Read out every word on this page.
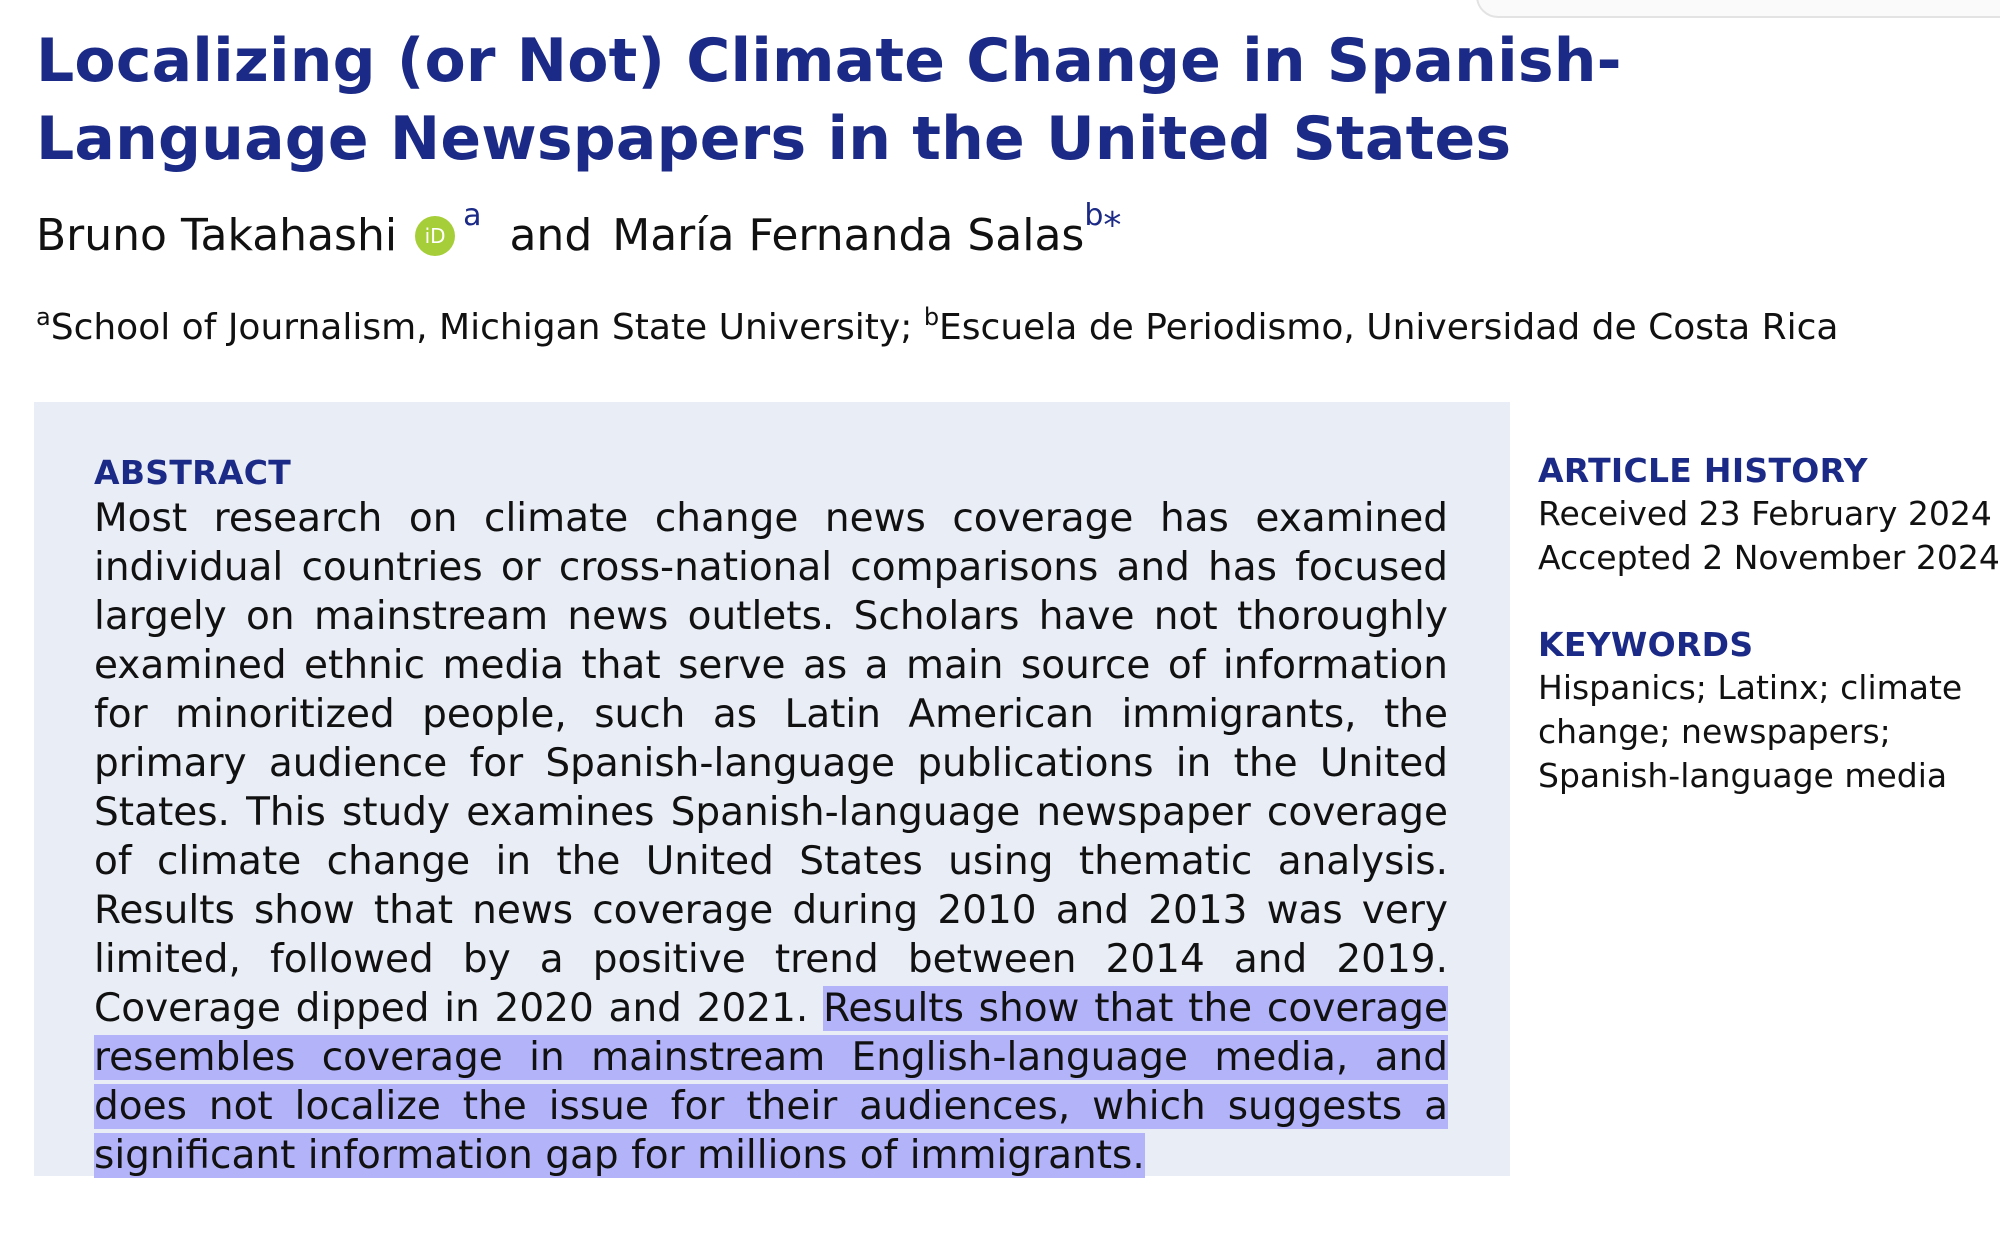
Localizing (or Not) Climate Change in Spanish-Language Newspapers in the United States
Bruno Takahashi	iD
a and María Fernanda Salas b *
$^a$School of Journalism, Michigan State University; $^b$Escuela de Periodismo, Universidad de Costa Rica
ABSTRACT

Most research on climate change news coverage has examined individual countries or cross-national comparisons and has focused largely on mainstream news outlets. Scholars have not thoroughly examined ethnic media that serve as a main source of information for minoritized people, such as Latin American immigrants, the primary audience for Spanish-language publications in the United States. This study examines Spanish-language newspaper coverage of climate change in the United States using thematic analysis. Results show that news coverage during 2010 and 2013 was very limited, followed by a positive trend between 2014 and 2019. Coverage dipped in 2020 and 2021. Results show that the coverage resembles coverage in mainstream English-language media, and does not localize the issue for their audiences, which suggests a significant information gap for millions of immigrants.

ARTICLE HISTORY
Received 23 February 2024
Accepted 2 November 2024
KEYWORDS
Hispanics; Latinx; climate
change; newspapers;
Spanish-language media
